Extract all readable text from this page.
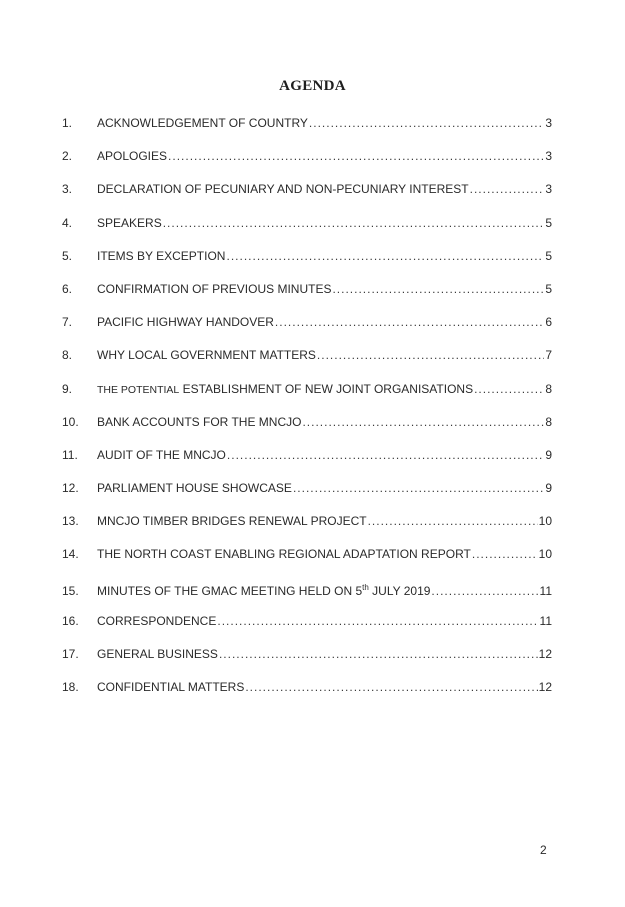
AGENDA
1.	ACKNOWLEDGEMENT OF COUNTRY .....	3
2.	APOLOGIES .....	3
3.	DECLARATION OF PECUNIARY AND NON-PECUNIARY INTEREST .....	3
4.	SPEAKERS .....	5
5.	ITEMS BY EXCEPTION .....	5
6.	CONFIRMATION OF PREVIOUS MINUTES .....	5
7.	PACIFIC HIGHWAY HANDOVER .....	6
8.	WHY LOCAL GOVERNMENT MATTERS .....	7
9.	THE POTENTIAL ESTABLISHMENT OF NEW JOINT ORGANISATIONS .....	8
10.	BANK ACCOUNTS FOR THE MNCJO .....	8
11.	AUDIT OF THE MNCJO .....	9
12.	PARLIAMENT HOUSE SHOWCASE .....	9
13.	MNCJO TIMBER BRIDGES RENEWAL PROJECT .....	10
14.	THE NORTH COAST ENABLING REGIONAL ADAPTATION REPORT .....	10
15.	MINUTES OF THE GMAC MEETING HELD ON 5th JULY 2019 .....	11
16.	CORRESPONDENCE .....	11
17.	GENERAL BUSINESS .....	12
18.	CONFIDENTIAL MATTERS .....	12
2
